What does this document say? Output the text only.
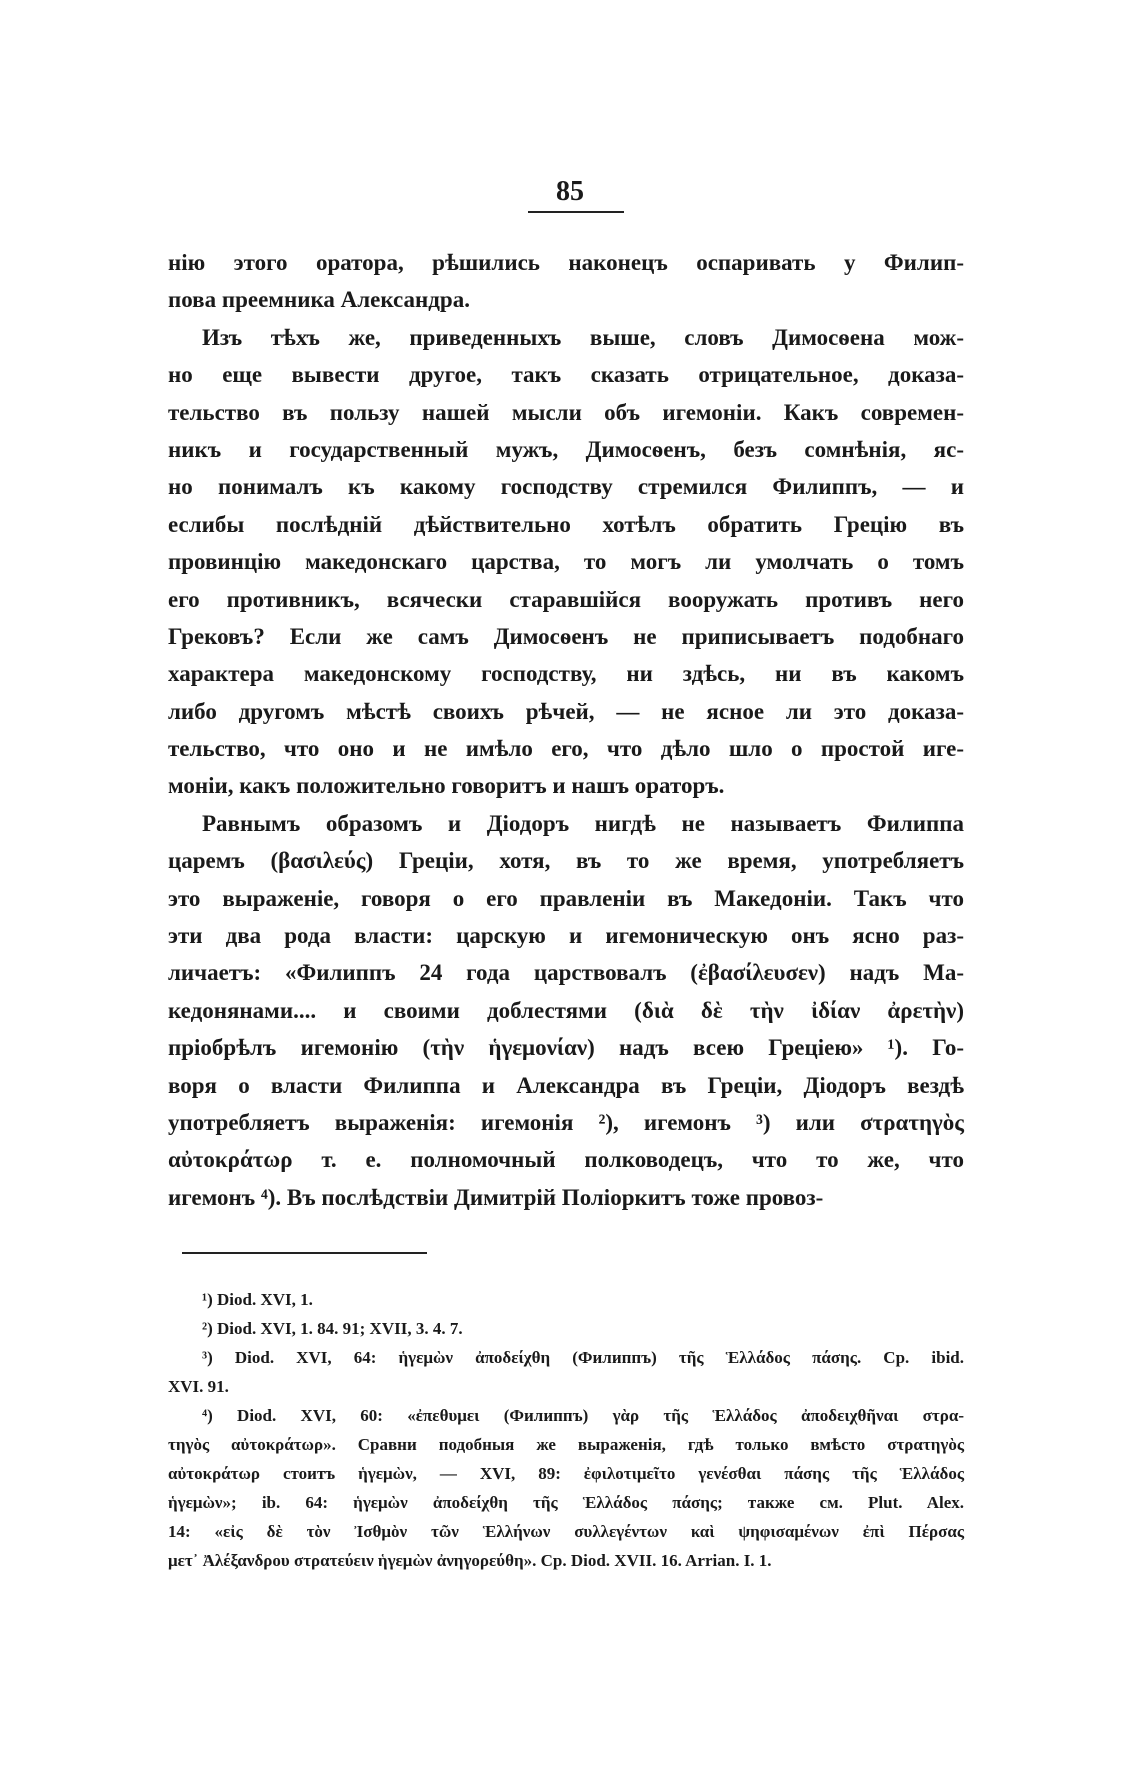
85
нію этого оратора, рѣшились наконецъ оспаривать у Филип-
пова преемника Александра.
Изъ тѣхъ же, приведенныхъ выше, словъ Димосѳена мож-
но еще вывести другое, такъ сказать отрицательное, доказа-
тельство въ пользу нашей мысли объ игемоніи. Какъ современ-
никъ и государственный мужъ, Димосѳенъ, безъ сомнѣнія, яс-
но понималъ къ какому господству стремился Филиппъ, — и
еслибы послѣдній дѣйствительно хотѣлъ обратить Грецію въ
провинцію македонскаго царства, то могъ ли умолчать о томъ
его противникъ, всячески старавшійся вооружать противъ него
Грековъ? Если же самъ Димосѳенъ не приписываетъ подобнаго
характера македонскому господству, ни здѣсь, ни въ какомъ
либо другомъ мѣстѣ своихъ рѣчей, — не ясное ли это доказа-
тельство, что оно и не имѣло его, что дѣло шло о простой иге-
моніи, какъ положительно говоритъ и нашъ ораторъ.
Равнымъ образомъ и Діодоръ нигдѣ не называетъ Филиппа
царемъ (βασιλεύς) Греціи, хотя, въ то же время, употребляетъ
это выраженіе, говоря о его правленіи въ Македоніи. Такъ что
эти два рода власти: царскую и игемоническую онъ ясно раз-
личаетъ: «Филиппъ 24 года царствовалъ (ἐβασίλευσεν) надъ Ма-
кедонянами.... и своими доблестями (διὰ δὲ τὴν ἰδίαν ἀρετὴν)
пріобрѣлъ игемонію (τὴν ἡγεμονίαν) надъ всею Греціею» ¹). Го-
воря о власти Филиппа и Александра въ Греціи, Діодоръ вездѣ
употребляетъ выраженія: игемонія ²), игемонъ ³) или στρατηγὸς
αὐτοκράτωρ т. е. полномочный полководецъ, что то же, что
игемонъ ⁴). Въ послѣдствіи Димитрій Поліоркитъ тоже провоз-
¹) Diod. XVI, 1.
²) Diod. XVI, 1. 84. 91; XVII, 3. 4. 7.
³) Diod. XVI, 64: ἡγεμὼν ἀποδείχθη (Филиппъ) τῆς Ἑλλάδος πάσης. Ср. ibid.
XVI. 91.
⁴) Diod. XVI, 60: «ἐπεθυμει (Филиппъ) γὰρ τῆς Ἑλλάδος ἀποδειχθῆναι στρα-
τηγὸς αὐτοκράτωρ». Сравни подобныя же выраженія, гдѣ только вмѣсто στρατηγὸς
αὐτοκράτωρ стоитъ ἡγεμὼν, — XVI, 89: ἐφιλοτιμεῖτο γενέσθαι πάσης τῆς Ἑλλάδος
ἡγεμὼν»; ib. 64: ἡγεμὼν ἀποδείχθη τῆς Ἑλλάδος πάσης; также см. Plut. Alex.
14: «εἰς δὲ τὸν Ἰσθμὸν τῶν Ἑλλήνων συλλεγέντων καὶ ψηφισαμένων ἐπὶ Πέρσας
μετ᾽ Ἀλέξανδρου στρατεύειν ἡγεμὼν ἀνηγορεύθη». Ср. Diod. XVII. 16. Arrian. I. 1.
